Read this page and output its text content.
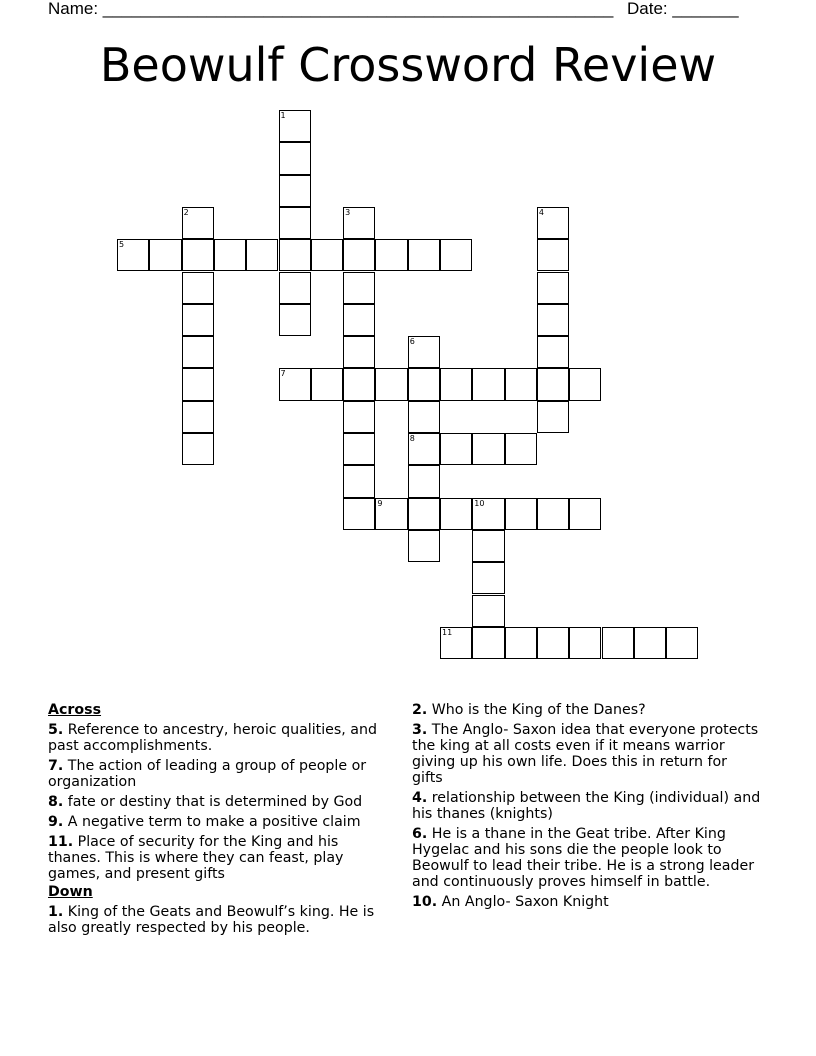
Name: ______________________________________________________ Date: _______
Beowulf Crossword Review
1
2	3	4
5
6
8
7
9	10
11
Across
5. Reference to ancestry, heroic qualities, and past accomplishments.
7. The action of leading a group of people or organization
8. fate or destiny that is determined by God
9. A negative term to make a positive claim
11. Place of security for the King and his thanes. This is where they can feast, play games, and present gifts
Down
1. King of the Geats and Beowulf’s king. He is also greatly respected by his people.
2. Who is the King of the Danes?
3. The Anglo- Saxon idea that everyone protects the king at all costs even if it means warrior giving up his own life. Does this in return for gifts
4. relationship between the King (individual) and his thanes (knights)
6. He is a thane in the Geat tribe. After King Hygelac and his sons die the people look to Beowulf to lead their tribe. He is a strong leader and continuously proves himself in battle.
10. An Anglo- Saxon Knight
